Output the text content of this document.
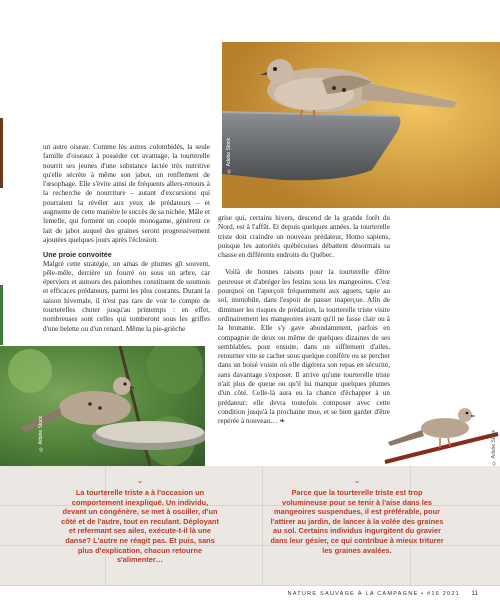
© Adobe Stock

un autre oiseau. Comme les autres colombidés, la seule famille d'oiseaux à posséder cet avantage, la tourterelle nourrit ses jeunes d'une substance lactée très nutritive qu'elle sécrète à même son jabot, un renflement de l'œsophage. Elle s'évite ainsi de fréquents allers-retours à la recherche de nourriture – autant d'excursions qui pourraient la révéler aux yeux de prédateurs – et augmente de cette manière le succès de sa nichée. Mâle et femelle, qui forment un couple monogame, génèrent ce lait de jabot auquel des graines seront progressivement ajoutées quelques jours après l'éclosion.

Une proie convoitée

Malgré cette stratégie, un amas de plumes gît souvent, pêle-mêle, derrière un fourré ou sous un arbre, car éperviers et autours des palombes constituent de soumois et efficaces prédateurs, parmi les plus courants. Durant la saison hivernale, il n'est pas rare de voir le compte de tourterelles chuter jusqu'au printemps : en effet, nombreuses sont celles qui tomberont sous les griffes d'une belette ou d'un renard. Même la pie-grièche

grise qui, certains hivers, descend de la grande forêt du Nord, est à l'affût. Et depuis quelques années, la tourterelle triste doit craindre un nouveau prédateur, Homo sapiens, puisque les autorités québécoises débattent désormais sa chasse en différents endroits du Québec.

Voilà de bonnes raisons pour la tourterelle d'être peureuse et d'abréger les festins sous les mangeoires. C'est pourquoi on l'aperçoit fréquemment aux aguets, tapie au sol, immobile, dans l'espoir de passer inaperçue. Afin de diminuer les risques de prédation, la tourterelle triste visite ordinairement les mangeoires avant qu'il ne fasse clair ou à la brunante. Elle s'y gave abondamment, parfois en compagnie de deux ou même de quelques dizaines de ses semblables, pour ensuite, dans un sifflement d'ailes, retourner vite se cacher sous quelque conifère ou se percher dans un boisé voisin où elle digérera son repas en sécurité, sans davantage s'exposer. Il arrive qu'une tourterelle triste n'ait plus de queue ou qu'il lui manque quelques plumes d'un côté. Celle-là aura eu la chance d'échapper à un prédateur; elle devra toutefois composer avec cette condition jusqu'à la prochaine mue, et se bien garder d'être repérée à nouveau… ❧

© Adobe Stock	© Adobe Stock
⌄

La tourterelle triste a à l'occasion un comportement inexpliqué. Un individu, devant un congénère, se met à osciller, d'un côté et de l'autre, tout en reculant. Déployant et refermant ses ailes, exécute-t-il là une danse? L'autre ne réagit pas. Et puis, sans plus d'explication, chacun retourne s'alimenter…

⌄

Parce que la tourterelle triste est trop volumineuse pour se tenir à l'aise dans les mangeoires suspendues, il est préférable, pour l'attirer au jardin, de lancer à la volée des graines au sol. Certains individus ingurgitent du gravier dans leur gésier, ce qui contribue à mieux triturer les graines avalées.

NATURE SAUVAGE À LA CAMPAGNE • #16 2021 11
